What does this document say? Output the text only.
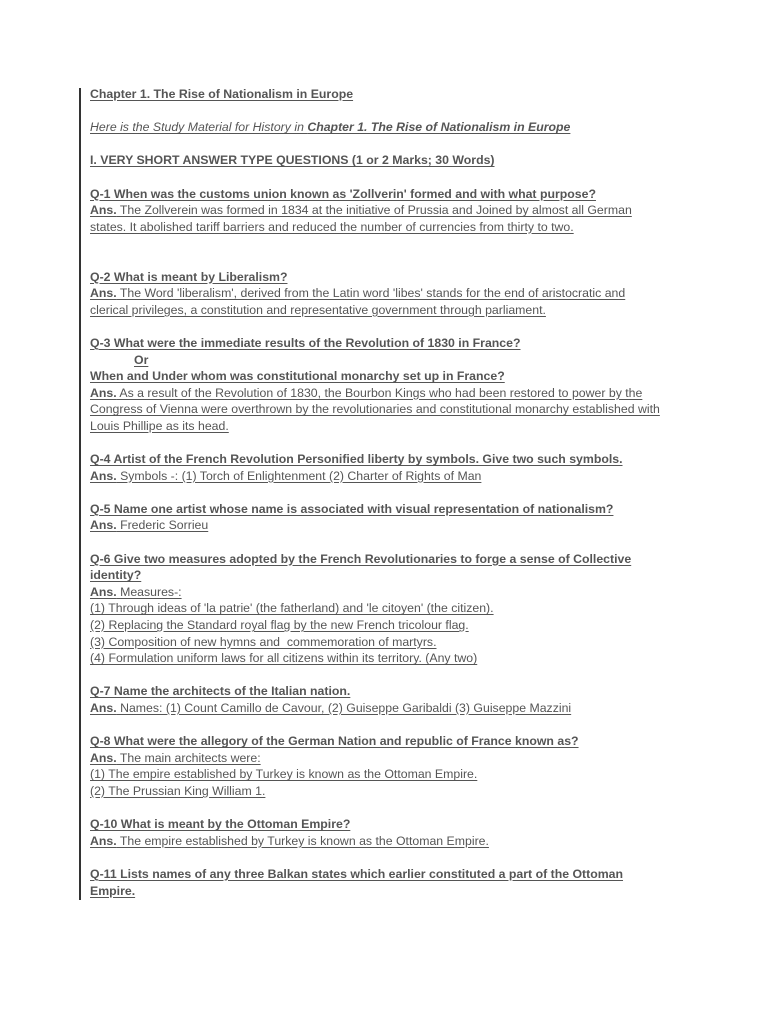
Chapter 1. The Rise of Nationalism in Europe

Here is the Study Material for History in Chapter 1. The Rise of Nationalism in Europe

I. VERY SHORT ANSWER TYPE QUESTIONS (1 or 2 Marks; 30 Words)

Q-1 When was the customs union known as 'Zollverin' formed and with what purpose?

Ans. The Zollverein was formed in 1834 at the initiative of Prussia and Joined by almost all German

states. It abolished tariff barriers and reduced the number of currencies from thirty to two.

Q-2 What is meant by Liberalism?

Ans. The Word 'liberalism', derived from the Latin word 'libes' stands for the end of aristocratic and

clerical privileges, a constitution and representative government through parliament.

Q-3 What were the immediate results of the Revolution of 1830 in France?

Or

When and Under whom was constitutional monarchy set up in France?

Ans. As a result of the Revolution of 1830, the Bourbon Kings who had been restored to power by the

Congress of Vienna were overthrown by the revolutionaries and constitutional monarchy established with

Louis Phillipe as its head.

Q-4 Artist of the French Revolution Personified liberty by symbols. Give two such symbols.

Ans. Symbols -: (1) Torch of Enlightenment (2) Charter of Rights of Man

Q-5 Name one artist whose name is associated with visual representation of nationalism?

Ans. Frederic Sorrieu

Q-6 Give two measures adopted by the French Revolutionaries to forge a sense of Collective

identity?

Ans. Measures-:

(1) Through ideas of 'la patrie' (the fatherland) and 'le citoyen' (the citizen).

(2) Replacing the Standard royal flag by the new French tricolour flag.

(3) Composition of new hymns and  commemoration of martyrs.

(4) Formulation uniform laws for all citizens within its territory. (Any two)

Q-7 Name the architects of the Italian nation.

Ans. Names: (1) Count Camillo de Cavour, (2) Guiseppe Garibaldi (3) Guiseppe Mazzini

Q-8 What were the allegory of the German Nation and republic of France known as?

Ans. The main architects were:

(1) The empire established by Turkey is known as the Ottoman Empire.

(2) The Prussian King William 1.

Q-10 What is meant by the Ottoman Empire?

Ans. The empire established by Turkey is known as the Ottoman Empire.

Q-11 Lists names of any three Balkan states which earlier constituted a part of the Ottoman

Empire.
